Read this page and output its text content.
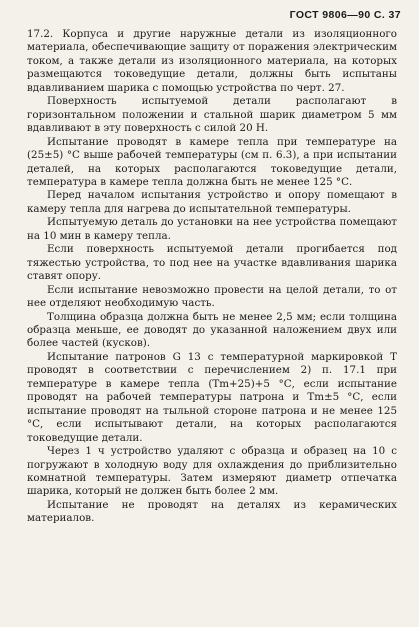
ГОСТ 9806—90 С. 37

17.2. Корпуса и другие наружные детали из изоляционного материала, обеспечивающие защиту от поражения электрическим током, а также детали из изоляционного материала, на которых размещаются токоведущие детали, должны быть испытаны вдавливанием шарика с помощью устройства по черт. 27.

Поверхность испытуемой детали располагают в горизонтальном положении и стальной шарик диаметром 5 мм вдавливают в эту поверхность с силой 20 Н.

Испытание проводят в камере тепла при температуре на (25±5) °С выше рабочей температуры (см п. 6.3), а при испытании деталей, на которых располагаются токоведущие детали, температура в камере тепла должна быть не менее 125 °С.

Перед началом испытания устройство и опору помещают в камеру тепла для нагрева до испытательной температуры.

Испытуемую деталь до установки на нее устройства помещают на 10 мин в камеру тепла.

Если поверхность испытуемой детали прогибается под тяжестью устройства, то под нее на участке вдавливания шарика ставят опору.

Если испытание невозможно провести на целой детали, то от нее отделяют необходимую часть.

Толщина образца должна быть не менее 2,5 мм; если толщина образца меньше, ее доводят до указанной наложением двух или более частей (кусков).

Испытание патронов G 13 с температурной маркировкой Т проводят в соответствии с перечислением 2) п. 17.1 при температуре в камере тепла (Tm+25)+5 °С, если испытание проводят на рабочей температуры патрона и Tm±5 °С, если испытание проводят на тыльной стороне патрона и не менее 125 °С, если испытывают детали, на которых располагаются токоведущие детали.

Через 1 ч устройство удаляют с образца и образец на 10 с погружают в холодную воду для охлаждения до приблизительно комнатной температуры. Затем измеряют диаметр отпечатка шарика, который не должен быть более 2 мм.

Испытание не проводят на деталях из керамических материалов.
